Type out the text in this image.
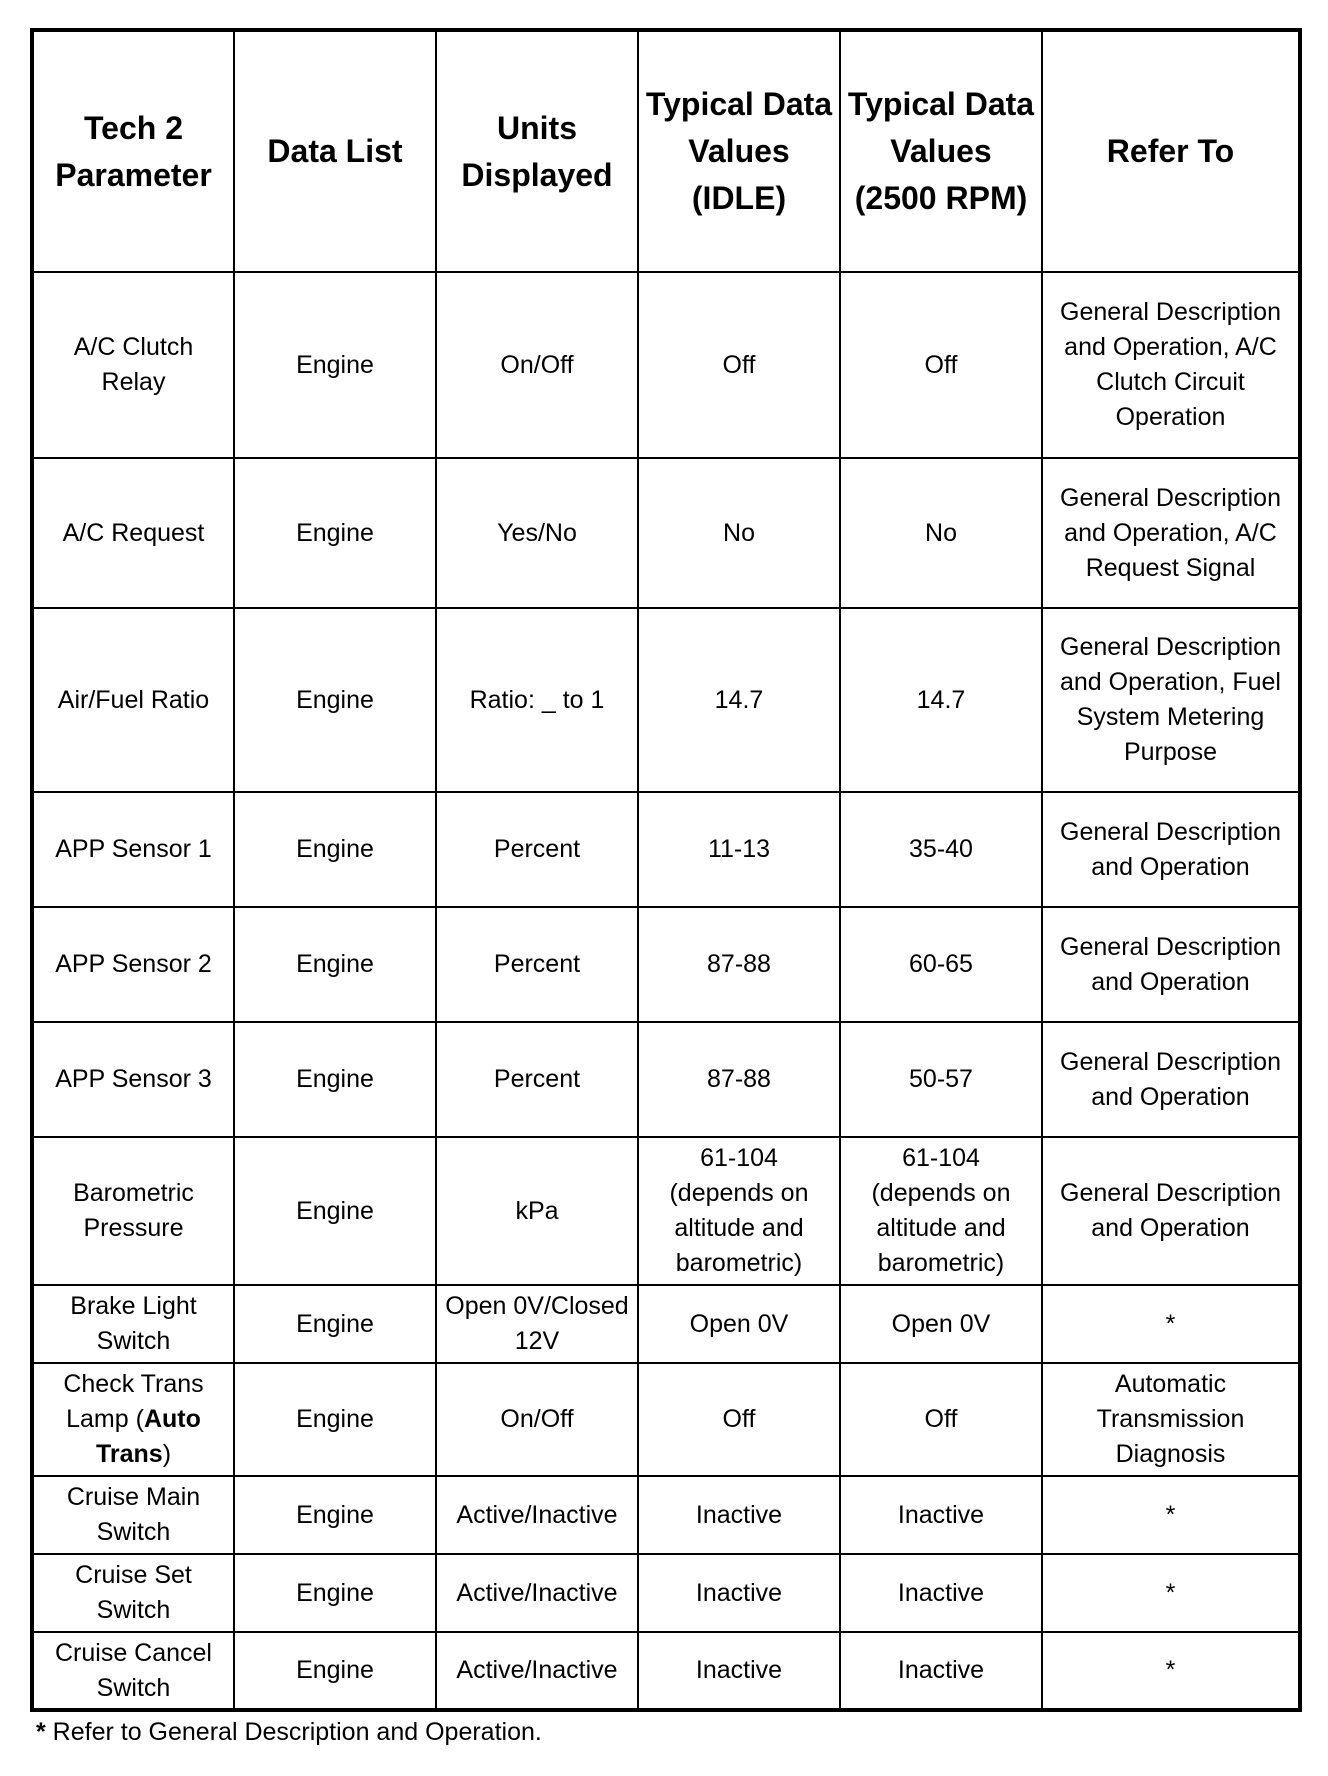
Tech 2 Parameter	Data List	Units Displayed	Typical Data Values (IDLE)	Typical Data Values (2500 RPM)	Refer To
A/C Clutch Relay	Engine	On/Off	Off	Off	General Description and Operation, A/C Clutch Circuit Operation
A/C Request	Engine	Yes/No	No	No	General Description and Operation, A/C Request Signal
Air/Fuel Ratio	Engine	Ratio: _ to 1	14.7	14.7	General Description and Operation, Fuel System Metering Purpose
APP Sensor 1	Engine	Percent	11-13	35-40	General Description and Operation
APP Sensor 2	Engine	Percent	87-88	60-65	General Description and Operation
APP Sensor 3	Engine	Percent	87-88	50-57	General Description and Operation
Barometric Pressure	Engine	kPa	61-104 (depends on altitude and barometric)	61-104 (depends on altitude and barometric)	General Description and Operation
Brake Light Switch	Engine	Open 0V/Closed 12V	Open 0V	Open 0V	*
Check Trans Lamp (Auto Trans)	Engine	On/Off	Off	Off	Automatic Transmission Diagnosis
Cruise Main Switch	Engine	Active/Inactive	Inactive	Inactive	*
Cruise Set Switch	Engine	Active/Inactive	Inactive	Inactive	*
Cruise Cancel Switch	Engine	Active/Inactive	Inactive	Inactive	*
* Refer to General Description and Operation.
